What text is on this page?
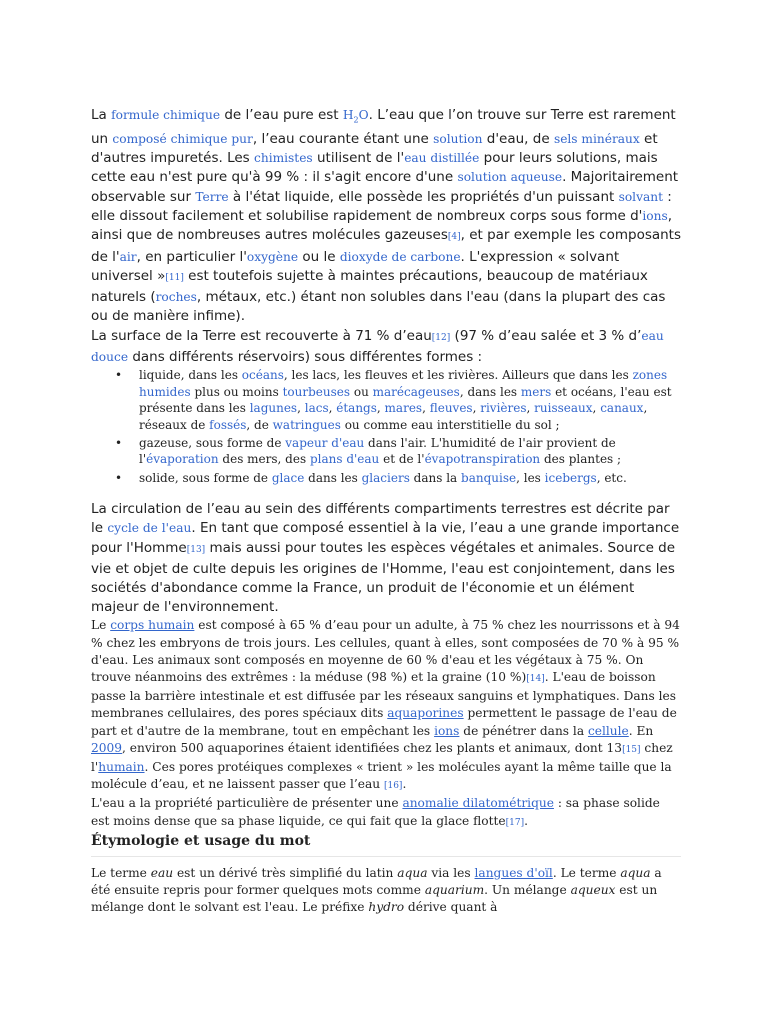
La formule chimique de l’eau pure est $H_2O$. L’eau que l’on trouve sur Terre est rarement un composé chimique pur, l’eau courante étant une solution d'eau, de sels minéraux et d'autres impuretés. Les chimistes utilisent de l'eau distillée pour leurs solutions, mais cette eau n'est pure qu'à 99 % : il s'agit encore d'une solution aqueuse. Majoritairement observable sur Terre à l'état liquide, elle possède les propriétés d'un puissant solvant : elle dissout facilement et solubilise rapidement de nombreux corps sous forme d'ions, ainsi que de nombreuses autres molécules gazeuses[4], et par exemple les composants de l'air, en particulier l'oxygène ou le dioxyde de carbone. L'expression « solvant universel »[11] est toutefois sujette à maintes précautions, beaucoup de matériaux naturels (roches, métaux, etc.) étant non solubles dans l'eau (dans la plupart des cas ou de manière infime).
La surface de la Terre est recouverte à 71 % d’eau[12] (97 % d’eau salée et 3 % d’eau douce dans différents réservoirs) sous différentes formes :

• liquide, dans les océans, les lacs, les fleuves et les rivières. Ailleurs que dans les zones humides plus ou moins tourbeuses ou marécageuses, dans les mers et océans, l'eau est présente dans les lagunes, lacs, étangs, mares, fleuves, rivières, ruisseaux, canaux, réseaux de fossés, de watringues ou comme eau interstitielle du sol ;
• gazeuse, sous forme de vapeur d'eau dans l'air. L'humidité de l'air provient de l'évaporation des mers, des plans d'eau et de l'évapotranspiration des plantes ;
• solide, sous forme de glace dans les glaciers dans la banquise, les icebergs, etc.

La circulation de l’eau au sein des différents compartiments terrestres est décrite par le cycle de l'eau. En tant que composé essentiel à la vie, l’eau a une grande importance pour l'Homme[13] mais aussi pour toutes les espèces végétales et animales. Source de vie et objet de culte depuis les origines de l'Homme, l'eau est conjointement, dans les sociétés d'abondance comme la France, un produit de l'économie et un élément majeur de l'environnement.

Le corps humain est composé à 65 % d’eau pour un adulte, à 75 % chez les nourrissons et à 94 % chez les embryons de trois jours. Les cellules, quant à elles, sont composées de 70 % à 95 % d'eau. Les animaux sont composés en moyenne de 60 % d'eau et les végétaux à 75 %. On trouve néanmoins des extrêmes : la méduse (98 %) et la graine (10 %)[14]. L'eau de boisson passe la barrière intestinale et est diffusée par les réseaux sanguins et lymphatiques. Dans les membranes cellulaires, des pores spéciaux dits aquaporines permettent le passage de l'eau de part et d'autre de la membrane, tout en empêchant les ions de pénétrer dans la cellule. En 2009, environ 500 aquaporines étaient identifiées chez les plants et animaux, dont 13[15] chez l'humain. Ces pores protéiques complexes « trient » les molécules ayant la même taille que la molécule d’eau, et ne laissent passer que l’eau [16].
L'eau a la propriété particulière de présenter une anomalie dilatométrique : sa phase solide est moins dense que sa phase liquide, ce qui fait que la glace flotte[17].

Étymologie et usage du mot

Le terme eau est un dérivé très simplifié du latin aqua via les langues d'oïl. Le terme aqua a été ensuite repris pour former quelques mots comme aquarium. Un mélange aqueux est un mélange dont le solvant est l'eau. Le préfixe hydro dérive quant à
